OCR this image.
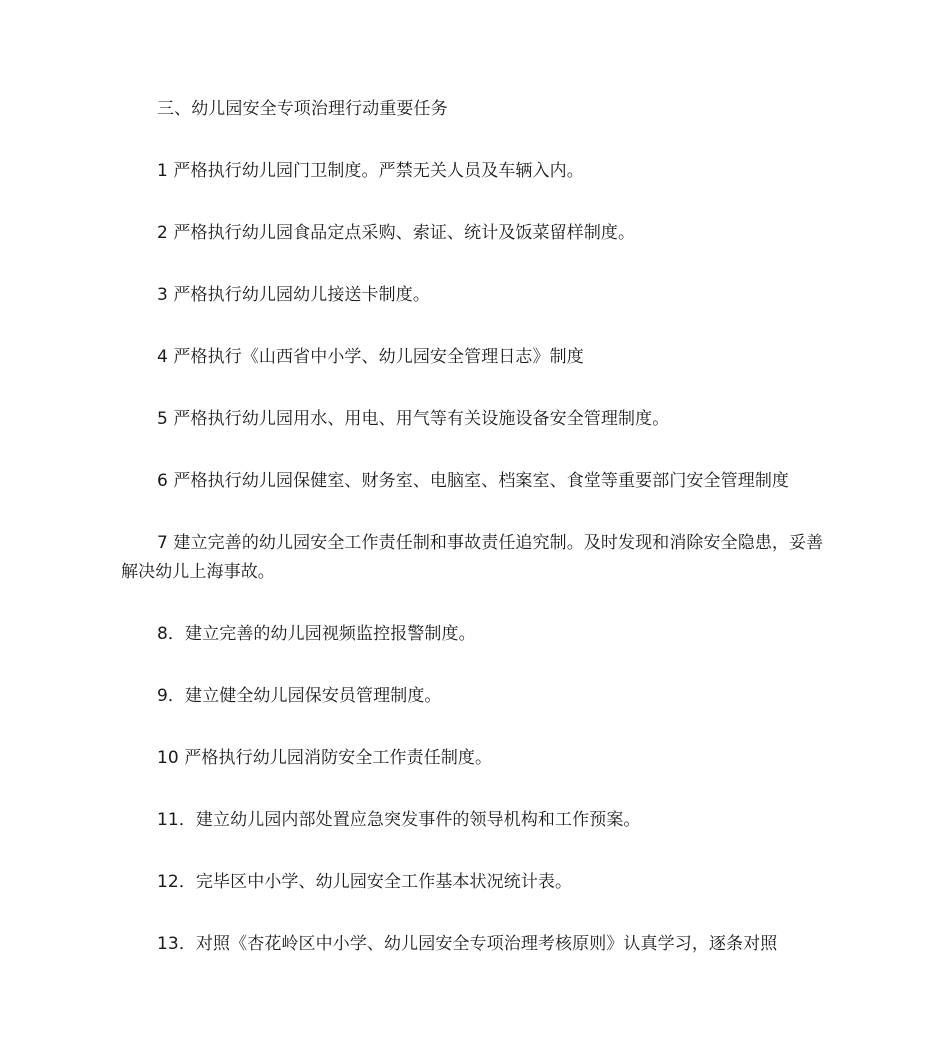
三、幼儿园安全专项治理行动重要任务

1 严格执行幼儿园门卫制度。严禁无关人员及车辆入内。

2 严格执行幼儿园食品定点采购、索证、统计及饭菜留样制度。

3 严格执行幼儿园幼儿接送卡制度。

4 严格执行《山西省中小学、幼儿园安全管理日志》制度

5 严格执行幼儿园用水、用电、用气等有关设施设备安全管理制度。

6 严格执行幼儿园保健室、财务室、电脑室、档案室、食堂等重要部门安全管理制度

7 建立完善的幼儿园安全工作责任制和事故责任追究制。及时发现和消除安全隐患，妥善解决幼儿上海事故。

8．建立完善的幼儿园视频监控报警制度。

9．建立健全幼儿园保安员管理制度。

10 严格执行幼儿园消防安全工作责任制度。

11．建立幼儿园内部处置应急突发事件的领导机构和工作预案。

12．完毕区中小学、幼儿园安全工作基本状况统计表。

13．对照《杏花岭区中小学、幼儿园安全专项治理考核原则》认真学习，逐条对照
